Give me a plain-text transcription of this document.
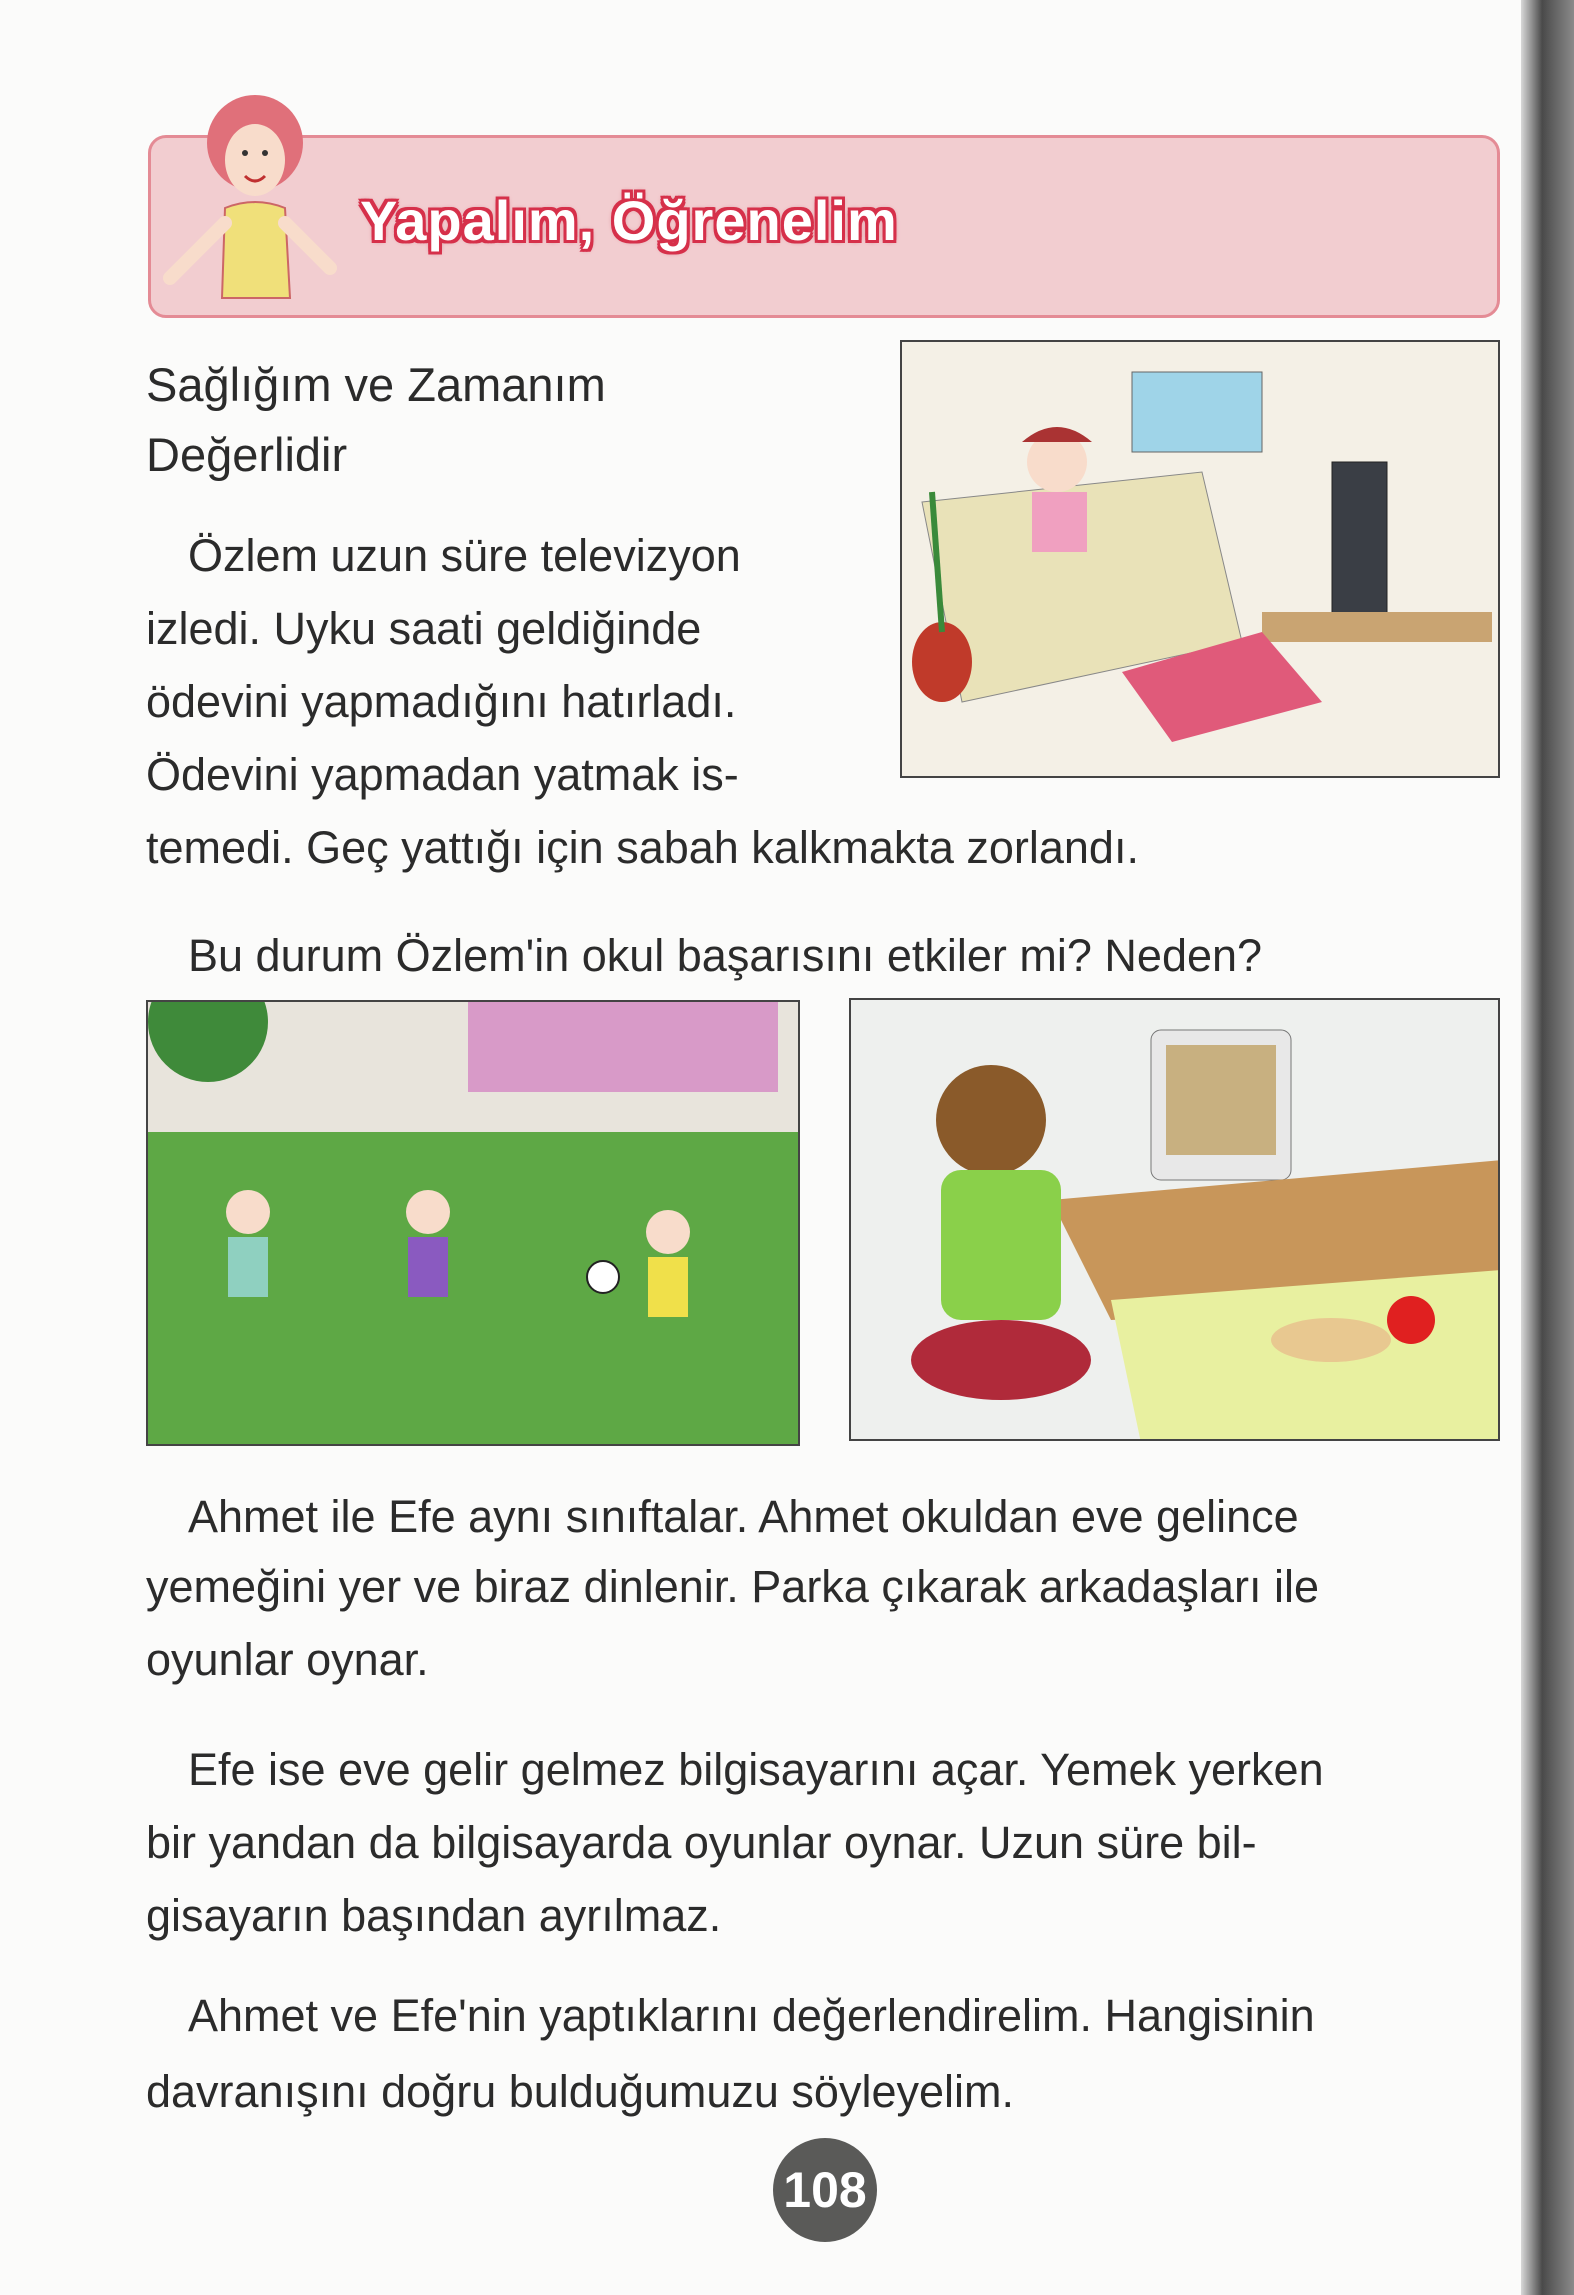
Yapalım, Öğrenelim
Sağlığım ve Zamanım
Değerlidir
Özlem uzun süre televizyon
izledi. Uyku saati geldiğinde
ödevini yapmadığını hatırladı.
Ödevini yapmadan yatmak is-
temedi. Geç yattığı için sabah kalkmakta zorlandı.
Bu durum Özlem'in okul başarısını etkiler mi? Neden?
Ahmet ile Efe aynı sınıftalar. Ahmet okuldan eve gelince
yemeğini yer ve biraz dinlenir. Parka çıkarak arkadaşları ile
oyunlar oynar.
Efe ise eve gelir gelmez bilgisayarını açar. Yemek yerken
bir yandan da bilgisayarda oyunlar oynar. Uzun süre bil-
gisayarın başından ayrılmaz.
Ahmet ve Efe'nin yaptıklarını değerlendirelim. Hangisinin
davranışını doğru bulduğumuzu söyleyelim.
108
